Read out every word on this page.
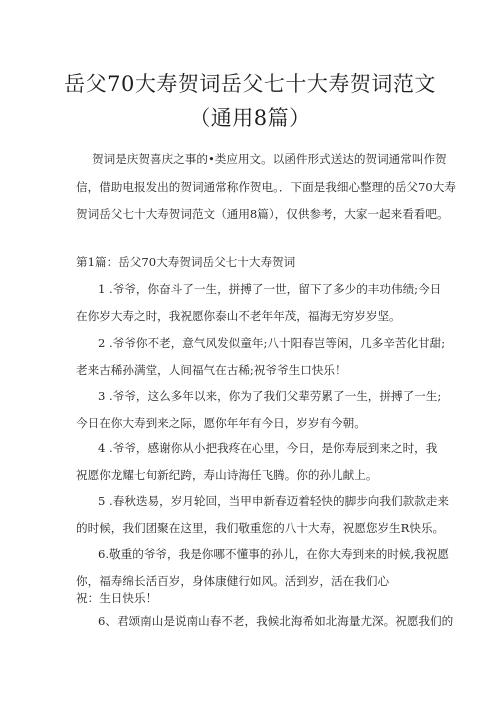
岳父70大寿贺词岳父七十大寿贺词范文
（通用8篇）
贺词是庆贺喜庆之事的•类应用文。以函件形式送达的贺词通常叫作贺
信，借助电报发出的贺词通常称作贺电。．下面是我细心整理的岳父70大寿
贺词岳父七十大寿贺词范文（通用8篇），仅供参考，大家一起来看看吧。
第1篇：岳父70大寿贺词岳父七十大寿贺词
1 .爷爷，你奋斗了一生，拼搏了一世，留下了多少的丰功伟绩;今日
在你岁大寿之时，我祝愿你泰山不老年年茂，福海无穷岁岁坚。
2 .爷爷你不老，意气风发似童年;八十阳春岂等闲，几多辛苦化甘甜;
老来古稀孙满堂，人间福气在古稀;祝爷爷生口快乐！
3 .爷爷，这么多年以来，你为了我们父辈劳累了一生，拼搏了一生;
今日在你大寿到来之际，愿你年年有今日，岁岁有今朝。
4 .爷爷，感谢你从小把我疼在心里，今日，是你寿辰到来之时，我
祝愿你龙耀七旬新纪跨，寿山诗海任飞腾。你的孙儿献上。
5 .春秋迭易，岁月轮回，当甲申新春迈着轻快的脚步向我们款款走来
的时候，我们团聚在这里，我们敬重您的八十大寿，祝愿您岁生R快乐。
6.敬重的爷爷，我是你哪不懂事的孙儿，在你大寿到来的时候,我祝愿
你，福寿绵长活百岁，身体康健行如风。活到岁，活在我们心
祝：生日快乐！
6、君颂南山是说南山春不老，我候北海希如北海量尤深。祝愿我们的
